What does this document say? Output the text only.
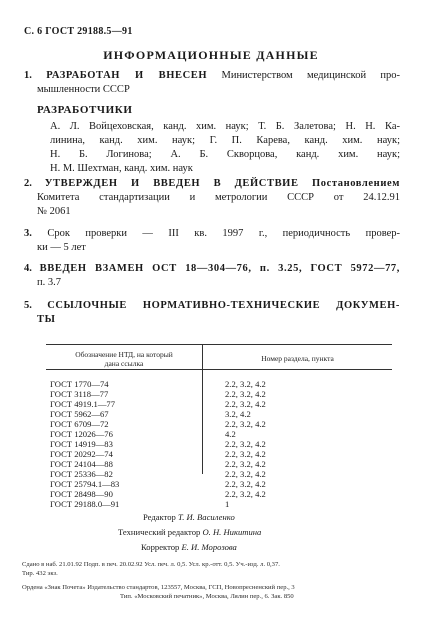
С. 6 ГОСТ 29188.5—91
ИНФОРМАЦИОННЫЕ ДАННЫЕ
1. РАЗРАБОТАН И ВНЕСЕН Министерством медицинской про-
мышленности СССР
РАЗРАБОТЧИКИ
А. Л. Войцеховская, канд. хим. наук; Т. Б. Залетова; Н. Н. Ка-
линина, канд. хим. наук; Г. П. Карева, канд. хим. наук;
Н. Б. Логинова; А. Б. Скворцова, канд. хим. наук;
Н. М. Шехтман, канд. хим. наук
2. УТВЕРЖДЕН И ВВЕДЕН В ДЕЙСТВИЕ Постановлением
Комитета стандартизации и метрологии СССР от 24.12.91
№ 2061
3. Срок проверки — III кв. 1997 г., периодичность провер-
ки — 5 лет
4. ВВЕДЕН ВЗАМЕН ОСТ 18—304—76, п. 3.25, ГОСТ 5972—77,
п. 3.7
5. ССЫЛОЧНЫЕ НОРМАТИВНО-ТЕХНИЧЕСКИЕ ДОКУМЕН-
ТЫ
Обозначение НТД, на который
дана ссылка
Номер раздела, пункта
ГОСТ 1770—74	2.2, 3.2, 4.2
ГОСТ 3118—77	2.2, 3.2, 4.2
ГОСТ 4919.1—77	2.2, 3.2, 4.2
ГОСТ 5962—67	3.2, 4.2
ГОСТ 6709—72	2.2, 3.2, 4.2
ГОСТ 12026—76	4.2
ГОСТ 14919—83	2.2, 3.2, 4.2
ГОСТ 20292—74	2.2, 3.2, 4.2
ГОСТ 24104—88	2.2, 3.2, 4.2
ГОСТ 25336—82	2.2, 3.2, 4.2
ГОСТ 25794.1—83	2.2, 3.2, 4.2
ГОСТ 28498—90	2.2, 3.2, 4.2
ГОСТ 29188.0—91	1
Редактор Т. И. Василенко
Технический редактор О. Н. Никитина
Корректор Е. И. Морозова
Сдано в наб. 21.01.92 Подп. в печ. 20.02.92 Усл. печ. л. 0,5. Усл. кр.-отт. 0,5. Уч.-изд. л. 0,37.
Тир. 432 экз.
Ордена «Знак Почета» Издательство стандартов, 123557, Москва, ГСП, Новопресненский пер., 3
Тип. «Московский печатник», Москва, Лялин пер., 6. Зак. 850
